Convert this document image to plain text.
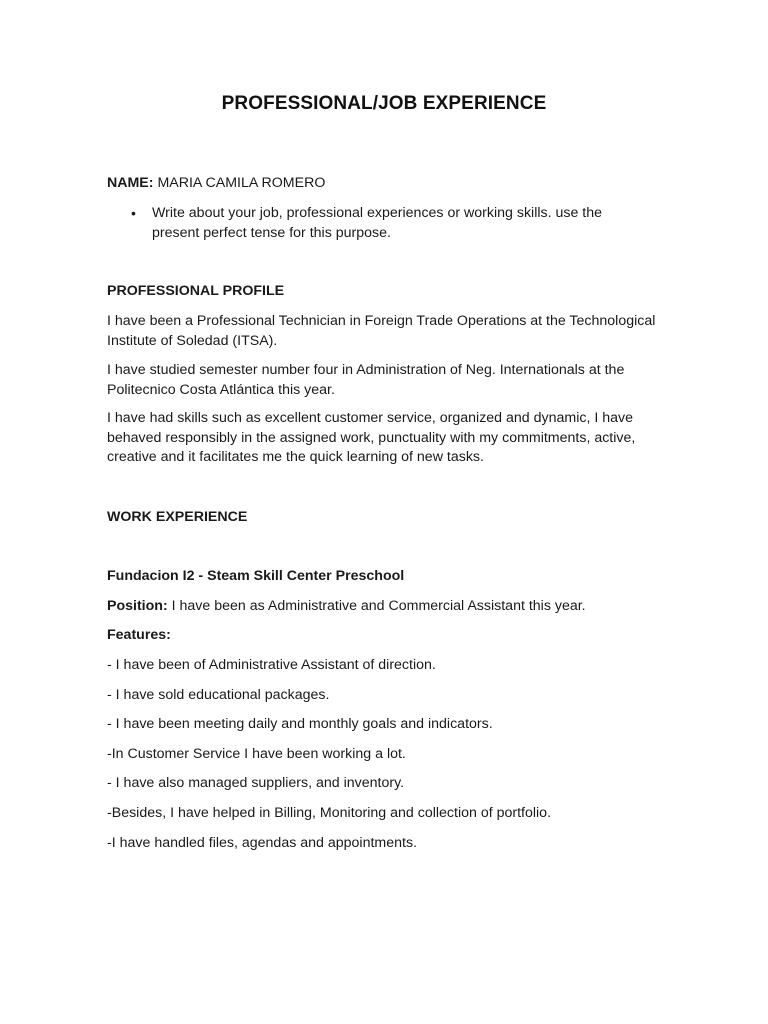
PROFESSIONAL/JOB EXPERIENCE
NAME: MARIA CAMILA ROMERO
• Write about your job, professional experiences or working skills. use the present perfect tense for this purpose.
PROFESSIONAL PROFILE
I have been a Professional Technician in Foreign Trade Operations at the Technological Institute of Soledad (ITSA).
I have studied semester number four in Administration of Neg. Internationals at the Politecnico Costa Atlántica this year.
I have had skills such as excellent customer service, organized and dynamic, I have behaved responsibly in the assigned work, punctuality with my commitments, active, creative and it facilitates me the quick learning of new tasks.
WORK EXPERIENCE
Fundacion I2 - Steam Skill Center Preschool
Position: I have been as Administrative and Commercial Assistant this year.
Features:
- I have been of Administrative Assistant of direction.
- I have sold educational packages.
- I have been meeting daily and monthly goals and indicators.
-In Customer Service I have been working a lot.
- I have also managed suppliers, and inventory.
-Besides, I have helped in Billing, Monitoring and collection of portfolio.
-I have handled files, agendas and appointments.
